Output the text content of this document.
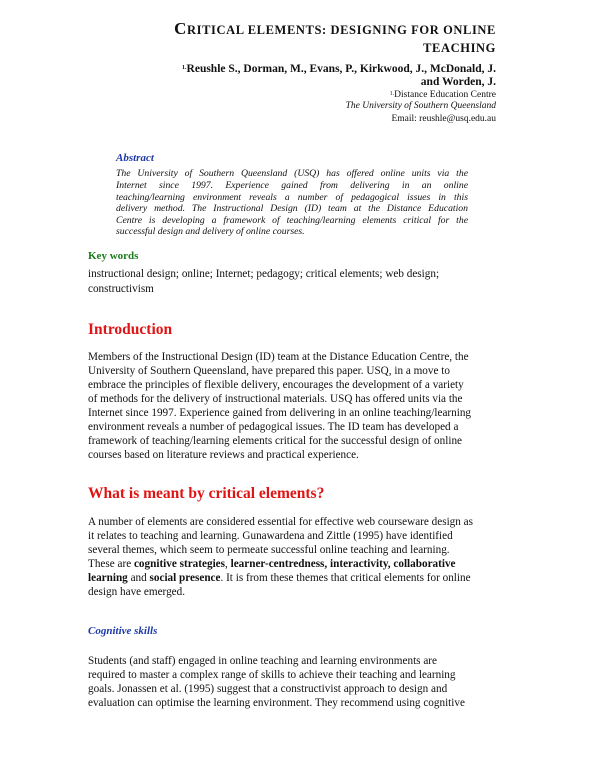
CRITICAL ELEMENTS: DESIGNING FOR ONLINE
TEACHING
$^{1.}$Reushle S., Dorman, M., Evans, P., Kirkwood, J., McDonald, J.
and Worden, J.
$^{1.}$Distance Education Centre
The University of Southern Queensland
Email: reushle@usq.edu.au
Abstract
The University of Southern Queensland (USQ) has offered online units via the
Internet since 1997. Experience gained from delivering in an online
teaching/learning environment reveals a number of pedagogical issues in this
delivery method. The Instructional Design (ID) team at the Distance Education
Centre is developing a framework of teaching/learning elements critical for the
successful design and delivery of online courses.
Key words
instructional design; online; Internet; pedagogy; critical elements; web design;
constructivism
Introduction
Members of the Instructional Design (ID) team at the Distance Education Centre, the
University of Southern Queensland, have prepared this paper. USQ, in a move to
embrace the principles of flexible delivery, encourages the development of a variety
of methods for the delivery of instructional materials. USQ has offered units via the
Internet since 1997. Experience gained from delivering in an online teaching/learning
environment reveals a number of pedagogical issues. The ID team has developed a
framework of teaching/learning elements critical for the successful design of online
courses based on literature reviews and practical experience.
What is meant by critical elements?
A number of elements are considered essential for effective web courseware design as
it relates to teaching and learning. Gunawardena and Zittle (1995) have identified
several themes, which seem to permeate successful online teaching and learning.
These are cognitive strategies, learner-centredness, interactivity, collaborative
learning and social presence. It is from these themes that critical elements for online
design have emerged.
Cognitive skills
Students (and staff) engaged in online teaching and learning environments are
required to master a complex range of skills to achieve their teaching and learning
goals. Jonassen et al. (1995) suggest that a constructivist approach to design and
evaluation can optimise the learning environment. They recommend using cognitive
